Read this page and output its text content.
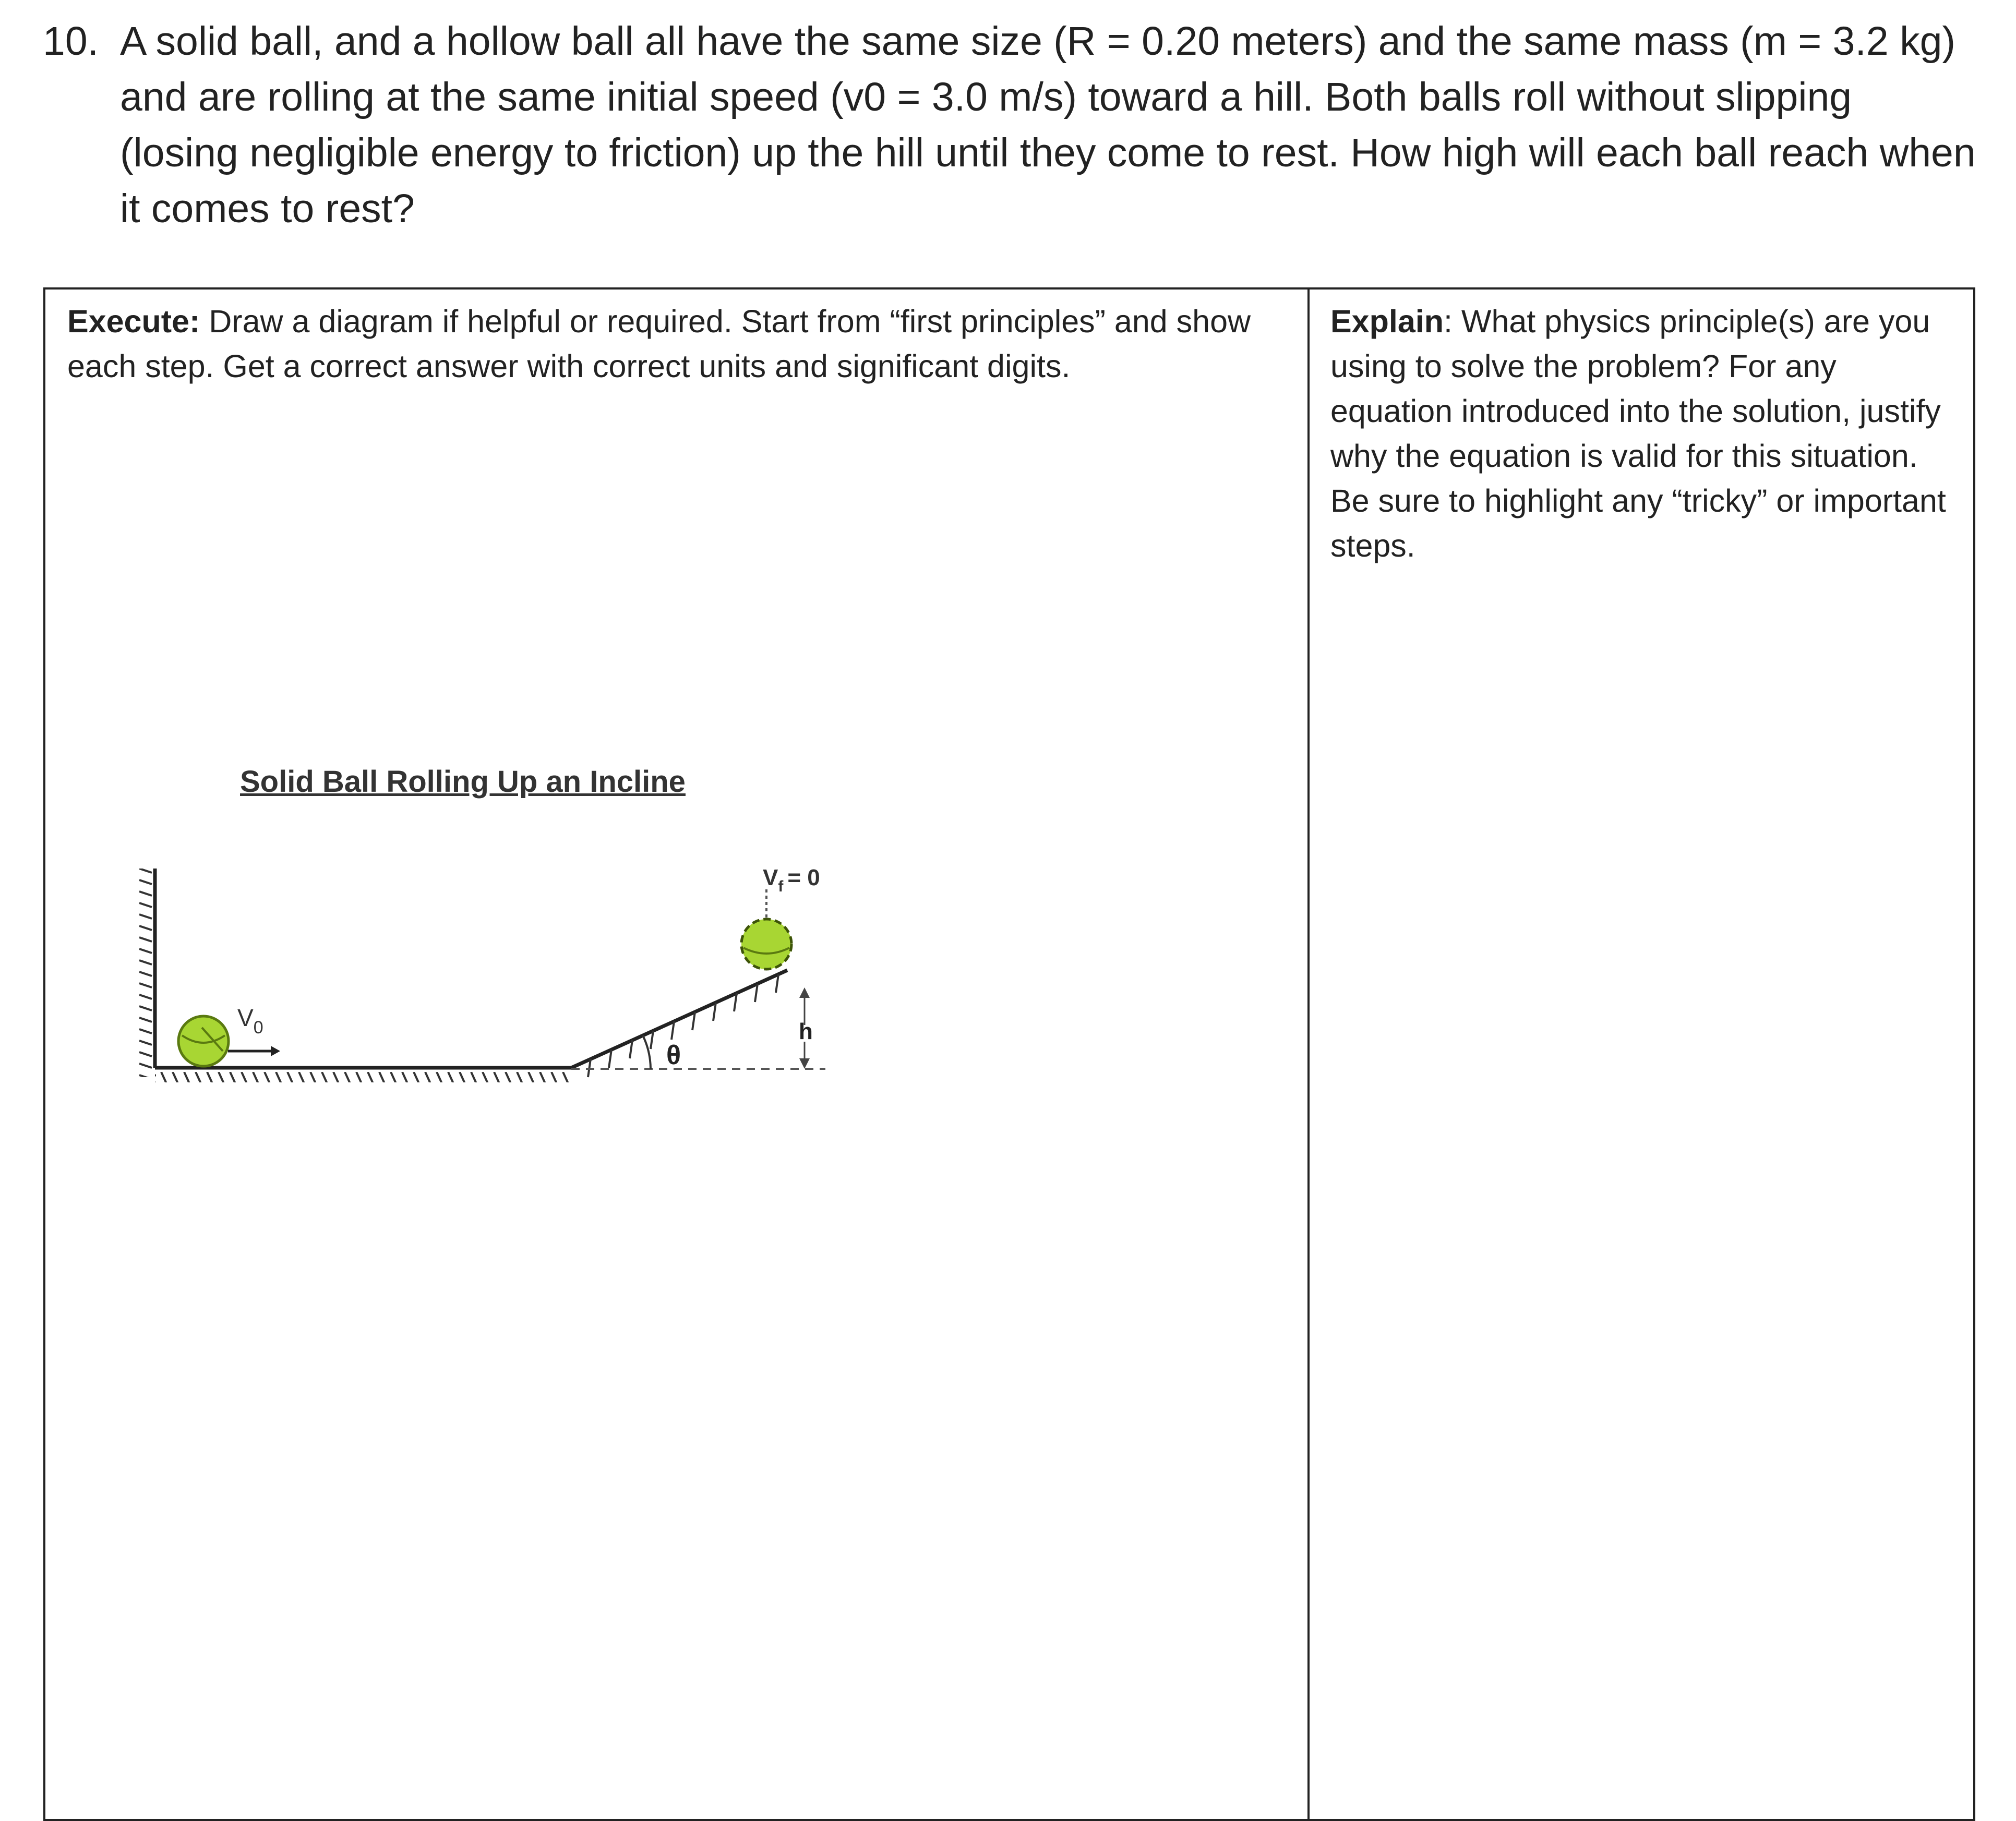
10. A solid ball, and a hollow ball all have the same size (R = 0.20 meters) and the same mass (m = 3.2 kg) and are rolling at the same initial speed (v0 = 3.0 m/s) toward a hill. Both balls roll without slipping (losing negligible energy to friction) up the hill until they come to rest. How high will each ball reach when it comes to rest?
Execute: Draw a diagram if helpful or required. Start from “first principles” and show each step. Get a correct answer with correct units and significant digits.
Explain: What physics principle(s) are you using to solve the problem? For any equation introduced into the solution, justify why the equation is valid for this situation. Be sure to highlight any “tricky” or important steps.
Solid Ball Rolling Up an Incline
θ
$V_0$
$V_f = 0$
h
